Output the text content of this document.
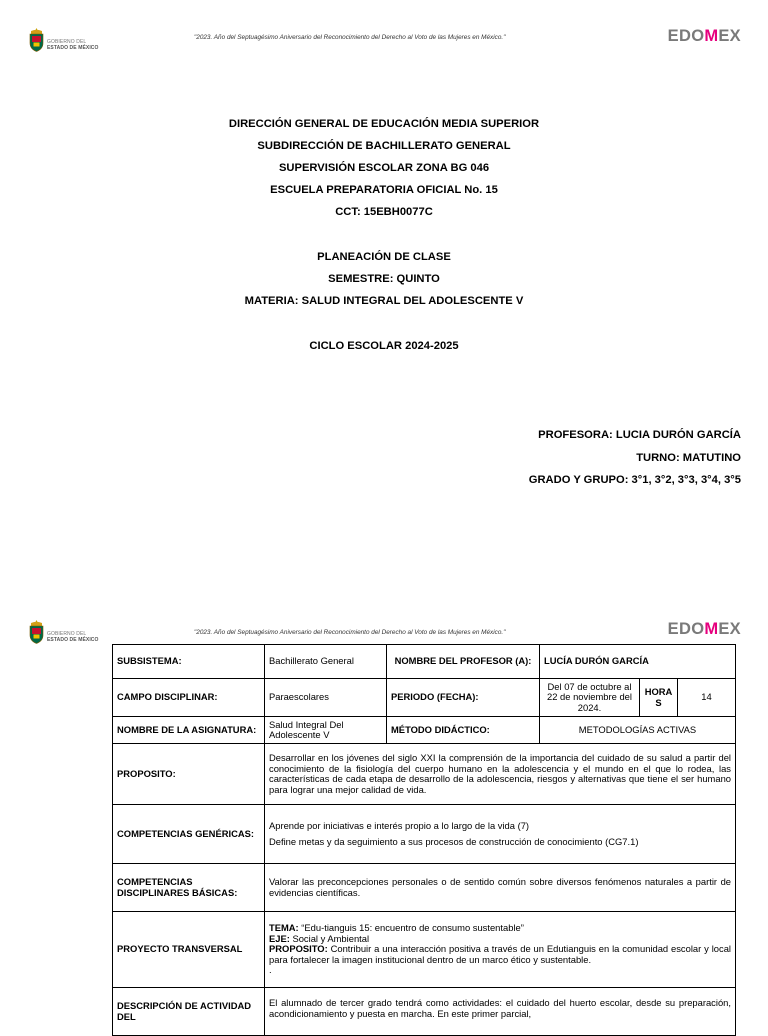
GOBIERNO DEL
ESTADO DE MÉXICO
"2023. Año del Septuagésimo Aniversario del Reconocimiento del Derecho al Voto de las Mujeres en México."	EDOMEX
DIRECCIÓN GENERAL DE EDUCACIÓN MEDIA SUPERIOR
SUBDIRECCIÓN DE BACHILLERATO GENERAL
SUPERVISIÓN ESCOLAR ZONA BG 046
ESCUELA PREPARATORIA OFICIAL No. 15
CCT: 15EBH0077C
PLANEACIÓN DE CLASE
SEMESTRE: QUINTO
MATERIA: SALUD INTEGRAL DEL ADOLESCENTE V
CICLO ESCOLAR 2024-2025
PROFESORA: LUCIA DURÓN GARCÍA
TURNO: MATUTINO
GRADO Y GRUPO: 3°1, 3°2, 3°3, 3°4, 3°5
GOBIERNO DEL
ESTADO DE MÉXICO
"2023. Año del Septuagésimo Aniversario del Reconocimiento del Derecho al Voto de las Mujeres en México."	EDOMEX
SUBSISTEMA:	Bachillerato General	NOMBRE DEL PROFESOR (A):	LUCÍA DURÓN GARCÍA		
CAMPO DISCIPLINAR:	Paraescolares	PERIODO (FECHA):	Del 07 de octubre al 22 de noviembre del 2024.	HORA S	14
NOMBRE DE LA ASIGNATURA:	Salud Integral Del Adolescente V	MÉTODO DIDÁCTICO:	METODOLOGÍAS ACTIVAS		
PROPOSITO:	Desarrollar en los jóvenes del siglo XXI la comprensión de la importancia del cuidado de su salud a partir del conocimiento de la fisiología del cuerpo humano en la adolescencia y el mundo en el que lo rodea, las características de cada etapa de desarrollo de la adolescencia, riesgos y alternativas que tiene el ser humano para lograr una mejor calidad de vida.				
COMPETENCIAS GENÉRICAS:	Aprende por iniciativas e interés propio a lo largo de la vida (7)
Define metas y da seguimiento a sus procesos de construcción de conocimiento (CG7.1)				

COMPETENCIAS DISCIPLINARES BÁSICAS:	Valorar las preconcepciones personales o de sentido común sobre diversos fenómenos naturales a partir de evidencias científicas.				
PROYECTO TRANSVERSAL	TEMA: “Edu-tianguis 15: encuentro de consumo sustentable”
EJE: Social y Ambiental
PROPOSITO: Contribuir a una interacción positiva a través de un Edutianguis en la comunidad escolar y local para fortalecer la imagen institucional dentro de un marco ético y sustentable.
.				

DESCRIPCIÓN DE ACTIVIDAD DEL	El alumnado de tercer grado tendrá como actividades: el cuidado del huerto escolar, desde su preparación, acondicionamiento y puesta en marcha. En este primer parcial,				
